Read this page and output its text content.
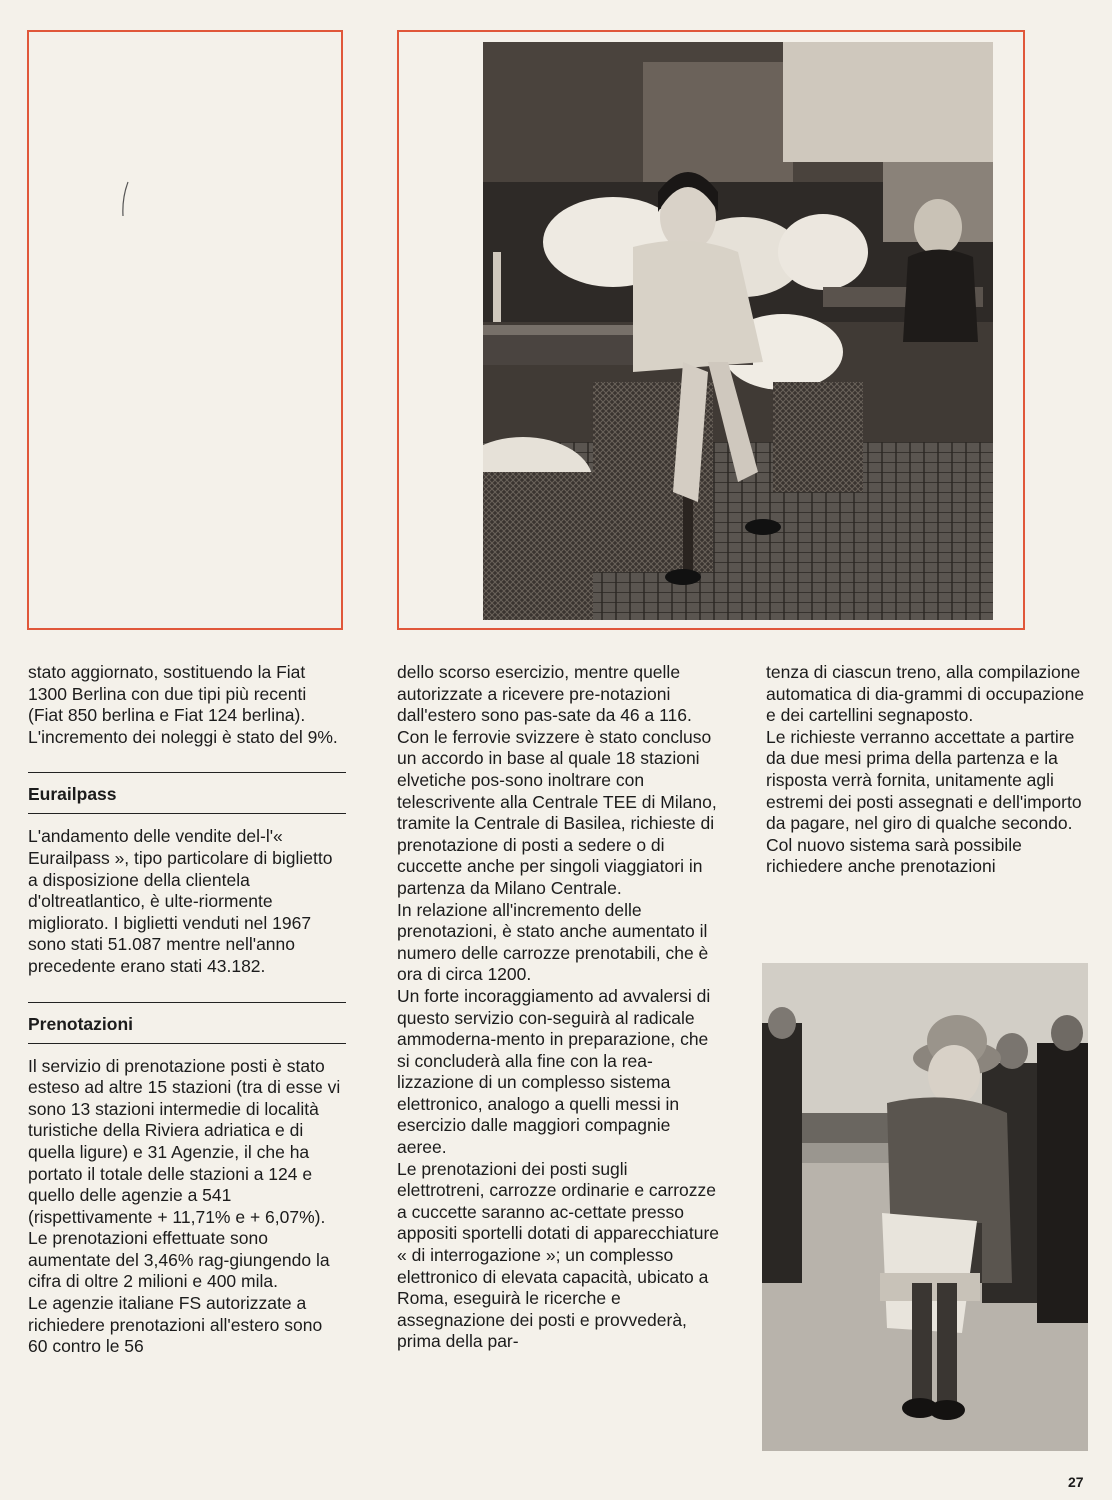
stato aggiornato, sostituendo la Fiat 1300 Berlina con due tipi più recenti (Fiat 850 berlina e Fiat 124 berlina).
L'incremento dei noleggi è stato del 9%.

Eurailpass

L'andamento delle vendite del-l'« Eurailpass », tipo particolare di biglietto a disposizione della clientela d'oltreatlantico, è ulte-riormente migliorato. I biglietti venduti nel 1967 sono stati 51.087 mentre nell'anno precedente erano stati 43.182.

Prenotazioni

Il servizio di prenotazione posti è stato esteso ad altre 15 stazioni (tra di esse vi sono 13 stazioni intermedie di località turistiche della Riviera adriatica e di quella ligure) e 31 Agenzie, il che ha portato il totale delle stazioni a 124 e quello delle agenzie a 541 (rispettivamente + 11,71% e + 6,07%). Le prenotazioni effettuate sono aumentate del 3,46% rag-giungendo la cifra di oltre 2 milioni e 400 mila.
Le agenzie italiane FS autorizzate a richiedere prenotazioni all'estero sono 60 contro le 56

dello scorso esercizio, mentre quelle autorizzate a ricevere pre-notazioni dall'estero sono pas-sate da 46 a 116.
Con le ferrovie svizzere è stato concluso un accordo in base al quale 18 stazioni elvetiche pos-sono inoltrare con telescrivente alla Centrale TEE di Milano, tramite la Centrale di Basilea, richieste di prenotazione di posti a sedere o di cuccette anche per singoli viaggiatori in partenza da Milano Centrale.
In relazione all'incremento delle prenotazioni, è stato anche aumentato il numero delle carrozze prenotabili, che è ora di circa 1200.
Un forte incoraggiamento ad avvalersi di questo servizio con-seguirà al radicale ammoderna-mento in preparazione, che si concluderà alla fine con la rea-lizzazione di un complesso sistema elettronico, analogo a quelli messi in esercizio dalle maggiori compagnie aeree.
Le prenotazioni dei posti sugli elettrotreni, carrozze ordinarie e carrozze a cuccette saranno ac-cettate presso appositi sportelli dotati di apparecchiature « di interrogazione »; un complesso elettronico di elevata capacità, ubicato a Roma, eseguirà le ricerche e assegnazione dei posti e provvederà, prima della par-

tenza di ciascun treno, alla compilazione automatica di dia-grammi di occupazione e dei cartellini segnaposto.
Le richieste verranno accettate a partire da due mesi prima della partenza e la risposta verrà fornita, unitamente agli estremi dei posti assegnati e dell'importo da pagare, nel giro di qualche secondo.
Col nuovo sistema sarà possibile richiedere anche prenotazioni

27
